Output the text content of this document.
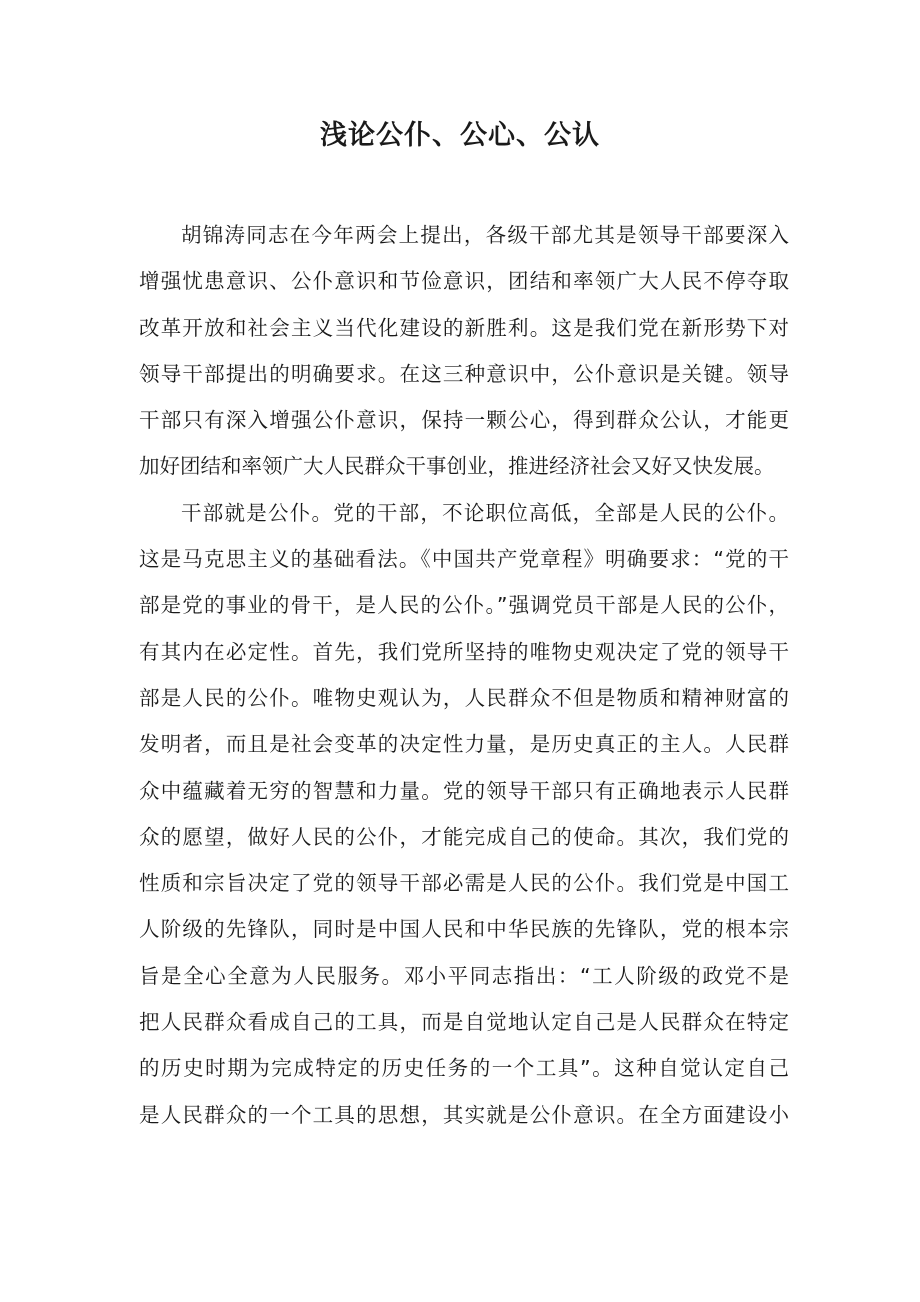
浅论公仆、公心、公认
胡锦涛同志在今年两会上提出，各级干部尤其是领导干部要深入
增强忧患意识、公仆意识和节俭意识，团结和率领广大人民不停夺取
改革开放和社会主义当代化建设的新胜利。这是我们党在新形势下对
领导干部提出的明确要求。在这三种意识中，公仆意识是关键。领导
干部只有深入增强公仆意识，保持一颗公心，得到群众公认，才能更
加好团结和率领广大人民群众干事创业，推进经济社会又好又快发展。
干部就是公仆。党的干部，不论职位高低，全部是人民的公仆。
这是马克思主义的基础看法。《中国共产党章程》明确要求：“党的干
部是党的事业的骨干，是人民的公仆。”强调党员干部是人民的公仆，
有其内在必定性。首先，我们党所坚持的唯物史观决定了党的领导干
部是人民的公仆。唯物史观认为，人民群众不但是物质和精神财富的
发明者，而且是社会变革的决定性力量，是历史真正的主人。人民群
众中蕴藏着无穷的智慧和力量。党的领导干部只有正确地表示人民群
众的愿望，做好人民的公仆，才能完成自己的使命。其次，我们党的
性质和宗旨决定了党的领导干部必需是人民的公仆。我们党是中国工
人阶级的先锋队，同时是中国人民和中华民族的先锋队，党的根本宗
旨是全心全意为人民服务。邓小平同志指出：“工人阶级的政党不是
把人民群众看成自己的工具，而是自觉地认定自己是人民群众在特定
的历史时期为完成特定的历史任务的一个工具”。这种自觉认定自己
是人民群众的一个工具的思想，其实就是公仆意识。在全方面建设小
